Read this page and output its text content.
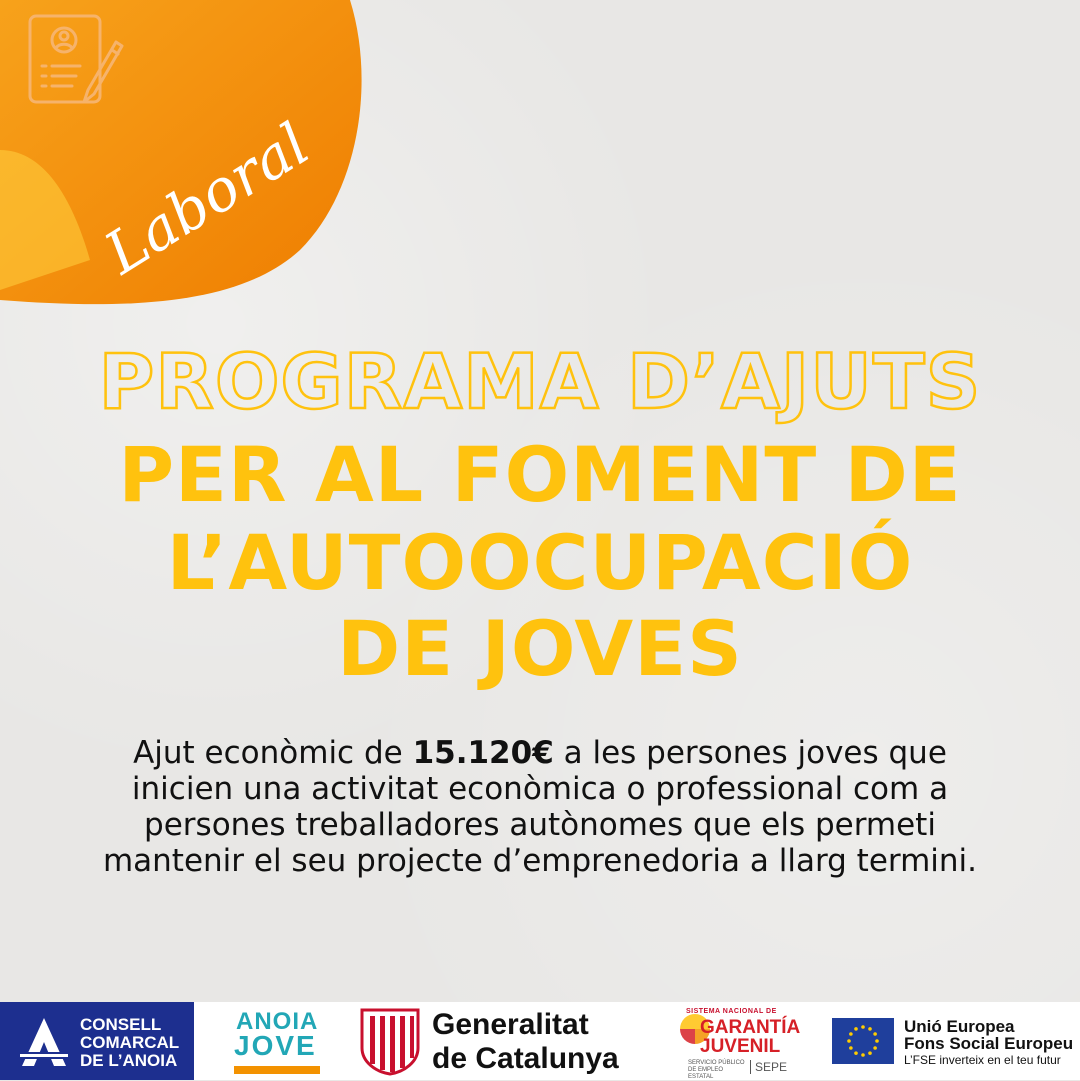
Laboral
PROGRAMA D’AJUTS
PER AL FOMENT DE
L’AUTOOCUPACIÓ
DE JOVES

Ajut econòmic de 15.120€ a les persones joves que inicien una activitat econòmica o professional com a persones treballadores autònomes que els permeti mantenir el seu projecte d’emprenedoria a llarg termini.

CONSELL
COMARCAL
DE L’ANOIA
ANOIA
JOVE
Generalitat
de Catalunya
SISTEMA NACIONAL DE
GARANTÍA
JUVENIL
SERVICIO PÚBLICO DE EMPLEO ESTATAL
SEPE
Unió Europea
Fons Social Europeu
L’FSE inverteix en el teu futur
